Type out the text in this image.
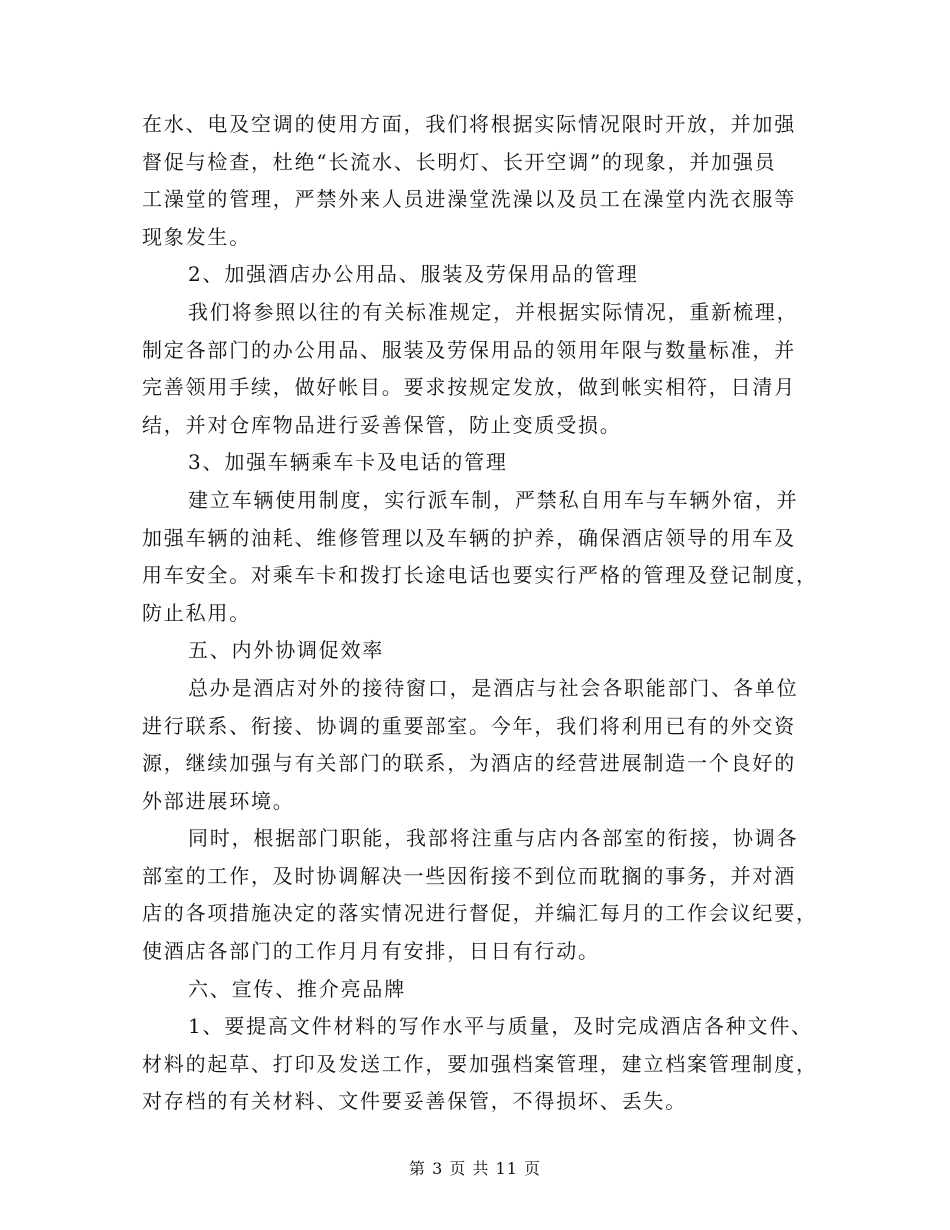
在水、电及空调的使用方面，我们将根据实际情况限时开放，并加强
督促与检查，杜绝“长流水、长明灯、长开空调”的现象，并加强员
工澡堂的管理，严禁外来人员进澡堂洗澡以及员工在澡堂内洗衣服等
现象发生。
2、加强酒店办公用品、服装及劳保用品的管理
我们将参照以往的有关标准规定，并根据实际情况，重新梳理，
制定各部门的办公用品、服装及劳保用品的领用年限与数量标准，并
完善领用手续，做好帐目。要求按规定发放，做到帐实相符，日清月
结，并对仓库物品进行妥善保管，防止变质受损。
3、加强车辆乘车卡及电话的管理
建立车辆使用制度，实行派车制，严禁私自用车与车辆外宿，并
加强车辆的油耗、维修管理以及车辆的护养，确保酒店领导的用车及
用车安全。对乘车卡和拨打长途电话也要实行严格的管理及登记制度，
防止私用。
五、内外协调促效率
总办是酒店对外的接待窗口，是酒店与社会各职能部门、各单位
进行联系、衔接、协调的重要部室。今年，我们将利用已有的外交资
源，继续加强与有关部门的联系，为酒店的经营进展制造一个良好的
外部进展环境。
同时，根据部门职能，我部将注重与店内各部室的衔接，协调各
部室的工作，及时协调解决一些因衔接不到位而耽搁的事务，并对酒
店的各项措施决定的落实情况进行督促，并编汇每月的工作会议纪要，
使酒店各部门的工作月月有安排，日日有行动。
六、宣传、推介亮品牌
1、要提高文件材料的写作水平与质量，及时完成酒店各种文件、
材料的起草、打印及发送工作，要加强档案管理，建立档案管理制度，
对存档的有关材料、文件要妥善保管，不得损坏、丢失。
第 3 页 共 11 页
